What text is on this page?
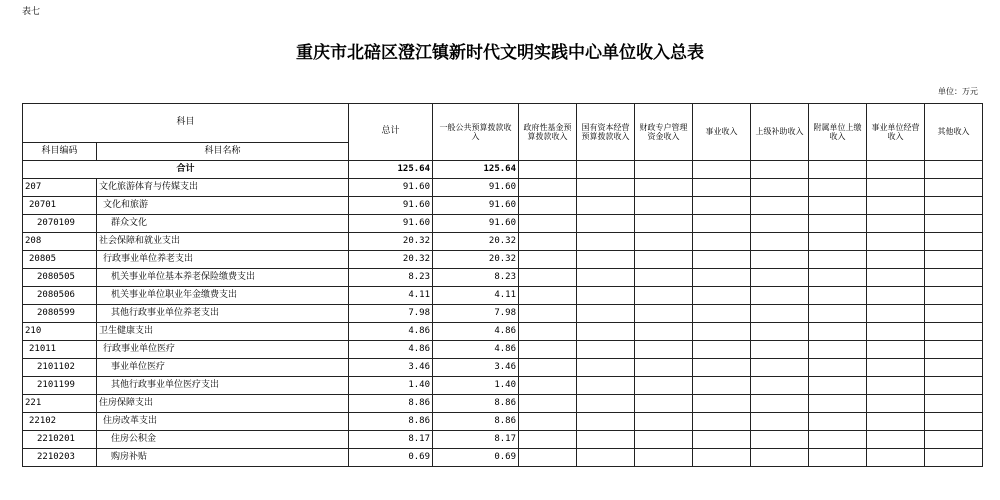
表七
重庆市北碚区澄江镇新时代文明实践中心单位收入总表
单位：万元
科目		总计	一般公共预算拨款收入	政府性基金预算拨款收入	国有资本经营预算拨款收入	财政专户管理资金收入	事业收入	上级补助收入	附属单位上缴收入	事业单位经营收入	其他收入
科目编码	科目名称										
合计		125.64	125.64								
207	文化旅游体育与传媒支出	91.60	91.60								
20701	文化和旅游	91.60	91.60								
2070109	群众文化	91.60	91.60								
208	社会保障和就业支出	20.32	20.32								
20805	行政事业单位养老支出	20.32	20.32								
2080505	机关事业单位基本养老保险缴费支出	8.23	8.23								
2080506	机关事业单位职业年金缴费支出	4.11	4.11								
2080599	其他行政事业单位养老支出	7.98	7.98								
210	卫生健康支出	4.86	4.86								
21011	行政事业单位医疗	4.86	4.86								
2101102	事业单位医疗	3.46	3.46								
2101199	其他行政事业单位医疗支出	1.40	1.40								
221	住房保障支出	8.86	8.86								
22102	住房改革支出	8.86	8.86								
2210201	住房公积金	8.17	8.17								
2210203	购房补贴	0.69	0.69								
